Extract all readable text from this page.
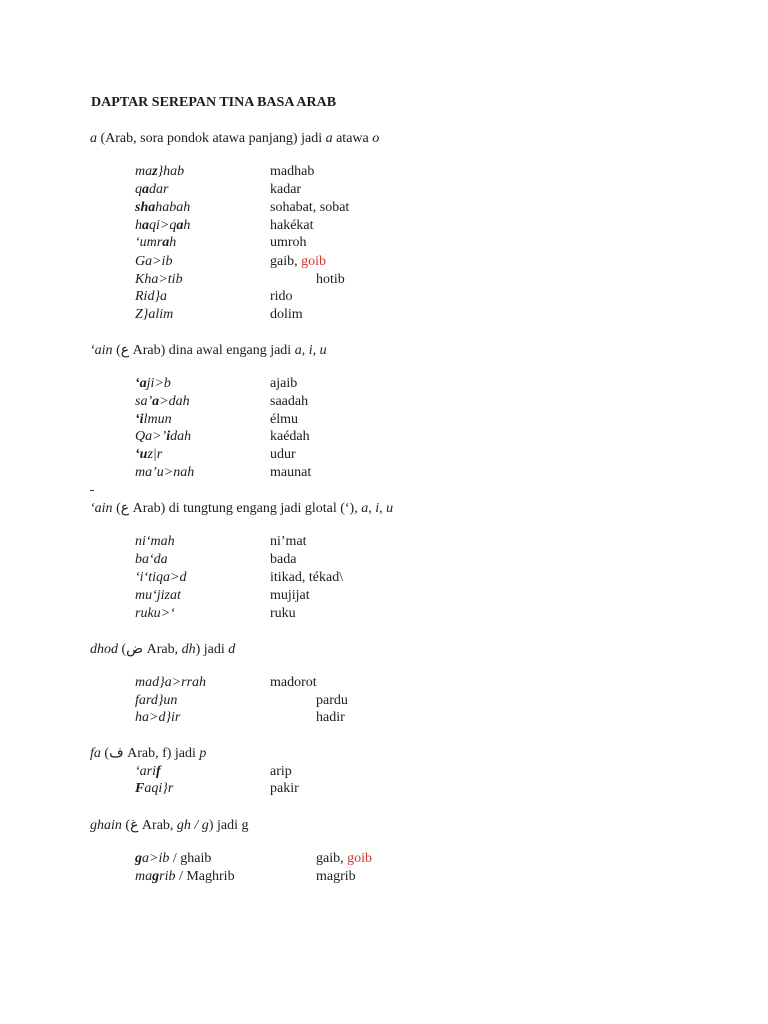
DAPTAR SEREPAN TINA BASA ARAB
a (Arab, sora pondok atawa panjang) jadi a atawa o
maz}hab	madhab
qadar	kadar
shahabah	sohabat, sobat
haqi>qah	hakékat
‘umrah	umroh
Ga>ib	gaib, goib
Kha>tib	hotib
Rid}a	rido
Z}alim	dolim
‘ain (ع Arab) dina awal engang jadi a, i, u
‘aji>b	ajaib
sa’a>dah	saadah
‘ilmun	élmu
Qa>’idah	kaédah
‘uz|r	udur
ma’u>nah	maunat
‘ain (ع Arab) di tungtung engang jadi glotal (‘), a, i, u
ni‘mah	ni’mat
ba‘da	bada
‘i‘tiqa>d	itikad, tékad\
mu‘jizat	mujijat
ruku>‘	ruku
dhod (ض Arab, dh) jadi d
mad}a>rrah	madorot
fard}un	pardu
ha>d}ir	hadir
fa (ف Arab, f) jadi p
‘arif	arip
Faqi}r	pakir
ghain (غ Arab, gh / g) jadi g
ga>ib / ghaib	gaib, goib
magrib / Maghrib	magrib
